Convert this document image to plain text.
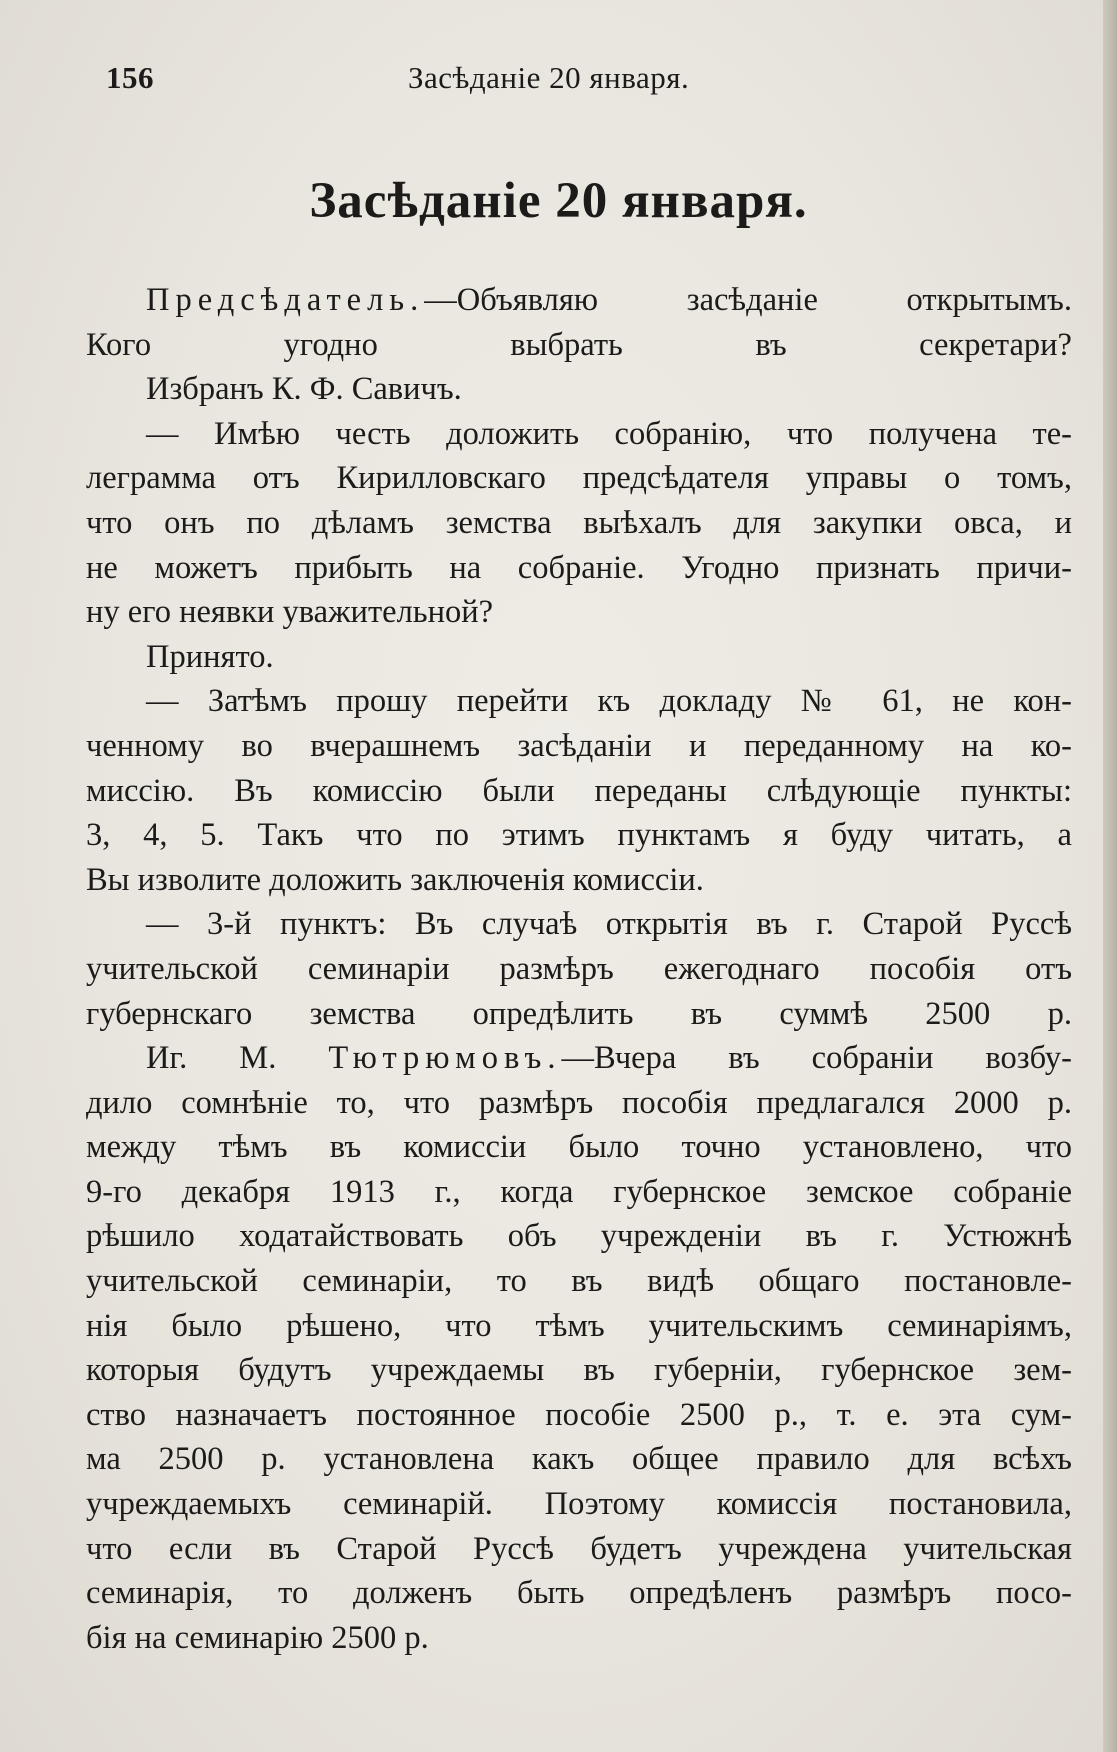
156	Засѣданіе 20 января.
Засѣданіе 20 января.
Предсѣдатель.—Объявляю засѣданіе открытымъ.
Кого угодно выбрать въ секретари?
Избранъ К. Ф. Савичъ.
— Имѣю честь доложить собранію, что получена те-
леграмма отъ Кирилловскаго предсѣдателя управы о томъ,
что онъ по дѣламъ земства выѣхалъ для закупки овса, и
не можетъ прибыть на собраніе. Угодно признать причи-
ну его неявки уважительной?
Принято.
— Затѣмъ прошу перейти къ докладу № 61, не кон-
ченному во вчерашнемъ засѣданіи и переданному на ко-
миссію. Въ комиссію были переданы слѣдующіе пункты:
3, 4, 5. Такъ что по этимъ пунктамъ я буду читать, а
Вы изволите доложить заключенія комиссіи.
— 3-й пунктъ: Въ случаѣ открытія въ г. Старой Руссѣ
учительской семинаріи размѣръ ежегоднаго пособія отъ
губернскаго земства опредѣлить въ суммѣ 2500 р.
Иг. М. Тютрюмовъ.—Вчера въ собраніи возбу-
дило сомнѣніе то, что размѣръ пособія предлагался 2000 р.
между тѣмъ въ комиссіи было точно установлено, что
9-го декабря 1913 г., когда губернское земское собраніе
рѣшило ходатайствовать объ учрежденіи въ г. Устюжнѣ
учительской семинаріи, то въ видѣ общаго постановле-
нія было рѣшено, что тѣмъ учительскимъ семинаріямъ,
которыя будутъ учреждаемы въ губерніи, губернское зем-
ство назначаетъ постоянное пособіе 2500 р., т. е. эта сум-
ма 2500 р. установлена какъ общее правило для всѣхъ
учреждаемыхъ семинарій. Поэтому комиссія постановила,
что если въ Старой Руссѣ будетъ учреждена учительская
семинарія, то долженъ быть опредѣленъ размѣръ посо-
бія на семинарію 2500 р.
